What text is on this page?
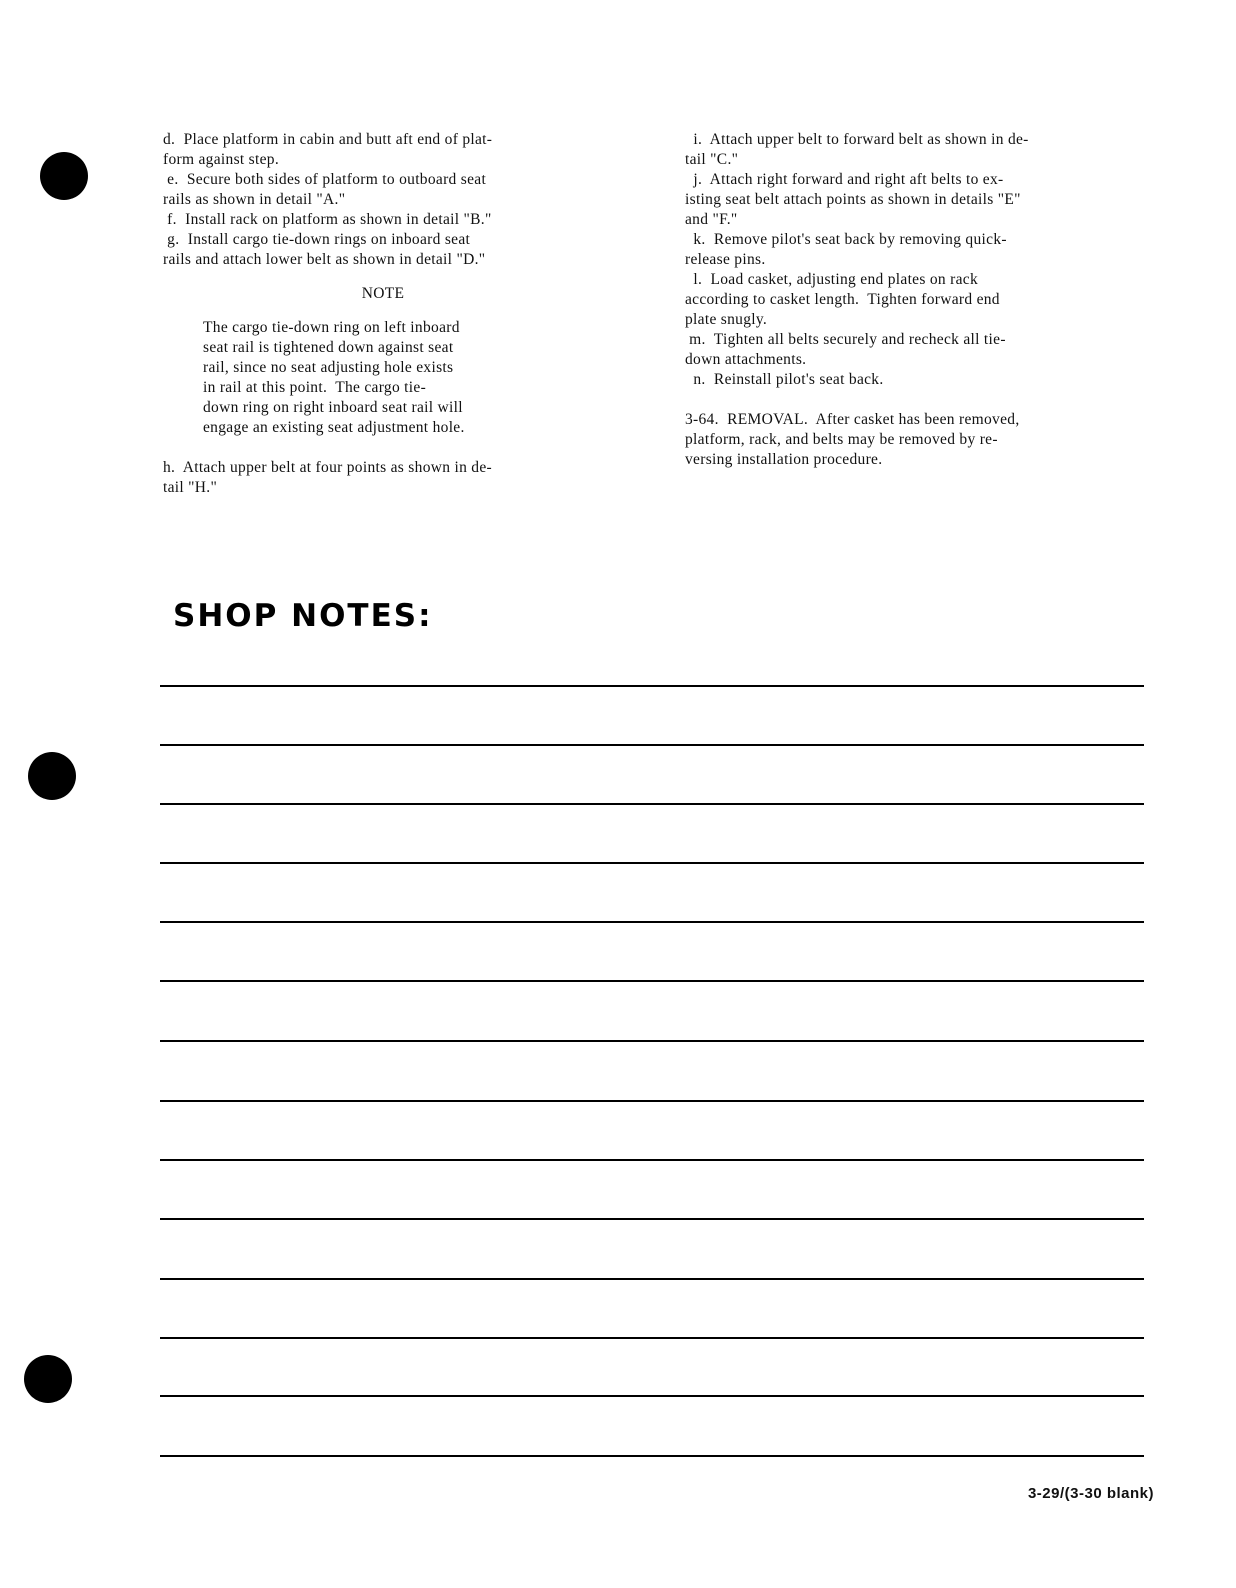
d.  Place platform in cabin and butt aft end of plat-

form against step.

e.  Secure both sides of platform to outboard seat

rails as shown in detail "A."

f.  Install rack on platform as shown in detail "B."

g.  Install cargo tie-down rings on inboard seat

rails and attach lower belt as shown in detail "D."

NOTE

The cargo tie-down ring on left inboard

seat rail is tightened down against seat

rail, since no seat adjusting hole exists

in rail at this point.  The cargo tie-

down ring on right inboard seat rail will

engage an existing seat adjustment hole.

h.  Attach upper belt at four points as shown in de-

tail "H."

i.  Attach upper belt to forward belt as shown in de-

tail "C."

j.  Attach right forward and right aft belts to ex-

isting seat belt attach points as shown in details "E"

and "F."

k.  Remove pilot's seat back by removing quick-

release pins.

l.  Load casket, adjusting end plates on rack

according to casket length.  Tighten forward end

plate snugly.

m.  Tighten all belts securely and recheck all tie-

down attachments.

n.  Reinstall pilot's seat back.

3-64.  REMOVAL.  After casket has been removed,

platform, rack, and belts may be removed by re-

versing installation procedure.

SHOP NOTES:
3-29/(3-30 blank)
